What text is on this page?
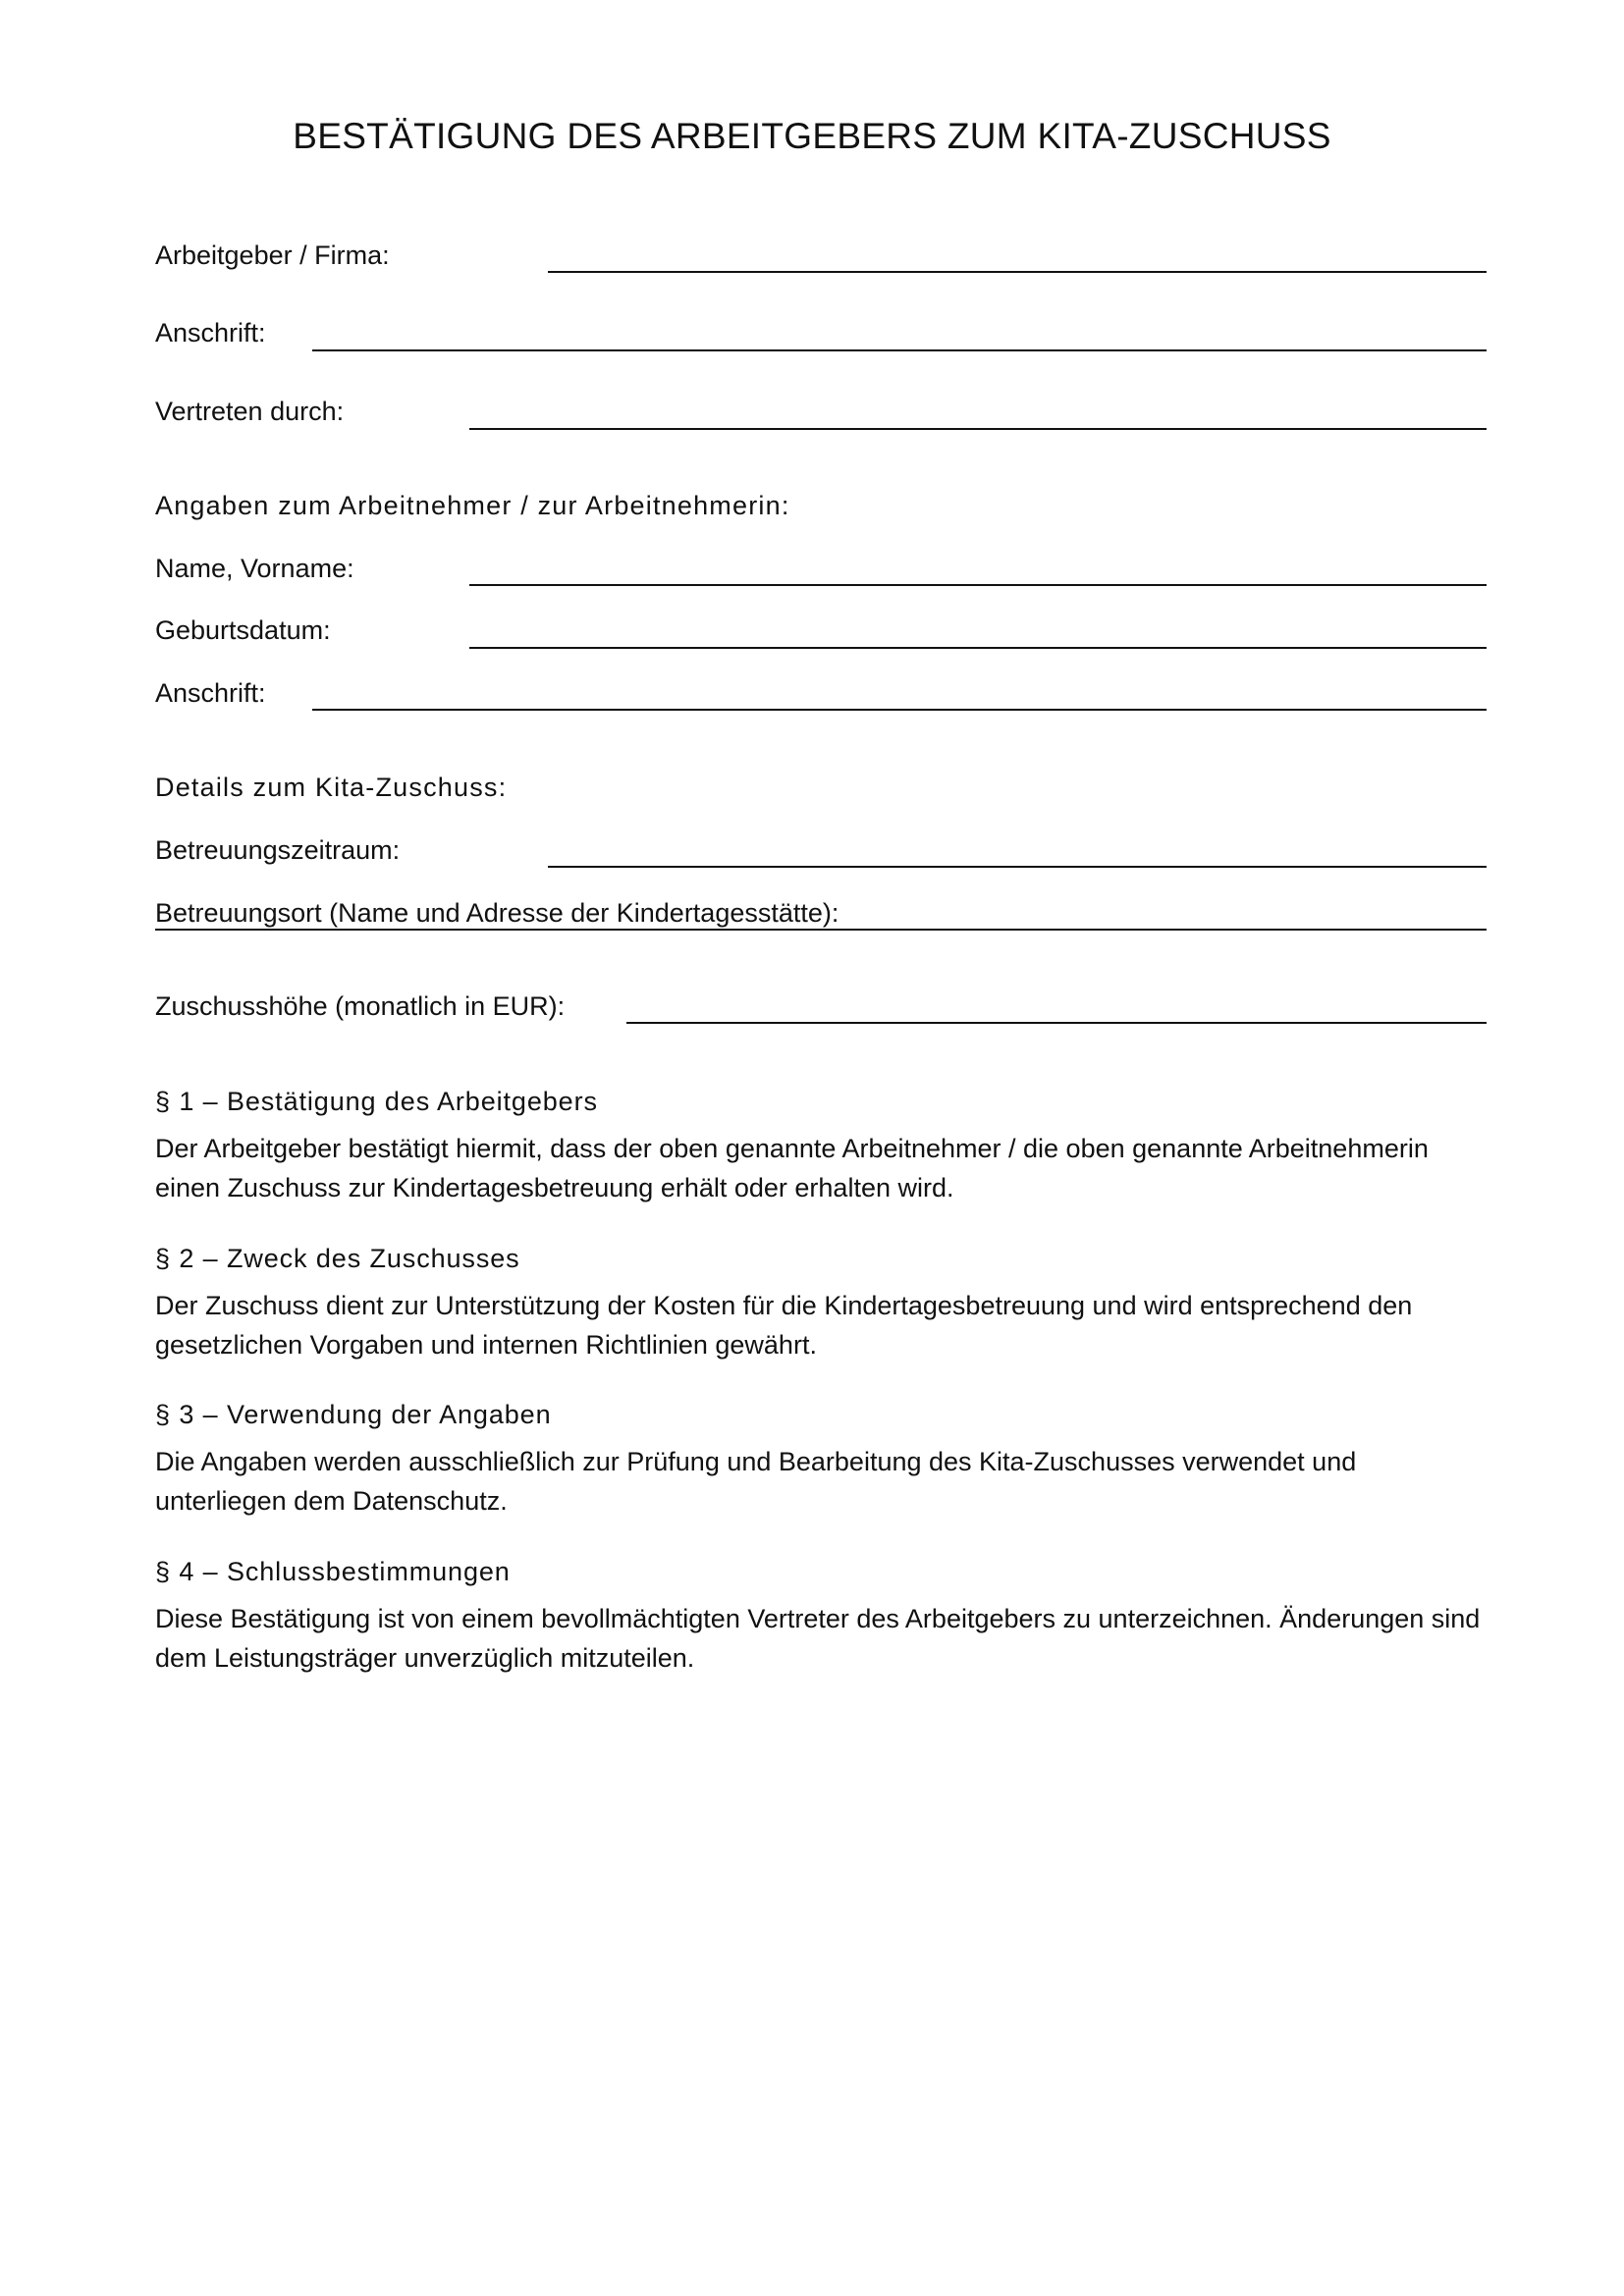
BESTÄTIGUNG DES ARBEITGEBERS ZUM KITA-ZUSCHUSS
Arbeitgeber / Firma:
Anschrift:
Vertreten durch:
Angaben zum Arbeitnehmer / zur Arbeitnehmerin:
Name, Vorname:
Geburtsdatum:
Anschrift:
Details zum Kita-Zuschuss:
Betreuungszeitraum:
Betreuungsort (Name und Adresse der Kindertagesstätte):
Zuschusshöhe (monatlich in EUR):
§ 1 – Bestätigung des Arbeitgebers

Der Arbeitgeber bestätigt hiermit, dass der oben genannte Arbeitnehmer / die oben genannte Arbeitnehmerin einen Zuschuss zur Kindertagesbetreuung erhält oder erhalten wird.

§ 2 – Zweck des Zuschusses

Der Zuschuss dient zur Unterstützung der Kosten für die Kindertagesbetreuung und wird entsprechend den gesetzlichen Vorgaben und internen Richtlinien gewährt.

§ 3 – Verwendung der Angaben

Die Angaben werden ausschließlich zur Prüfung und Bearbeitung des Kita-Zuschusses verwendet und unterliegen dem Datenschutz.

§ 4 – Schlussbestimmungen

Diese Bestätigung ist von einem bevollmächtigten Vertreter des Arbeitgebers zu unterzeichnen. Änderungen sind dem Leistungsträger unverzüglich mitzuteilen.
